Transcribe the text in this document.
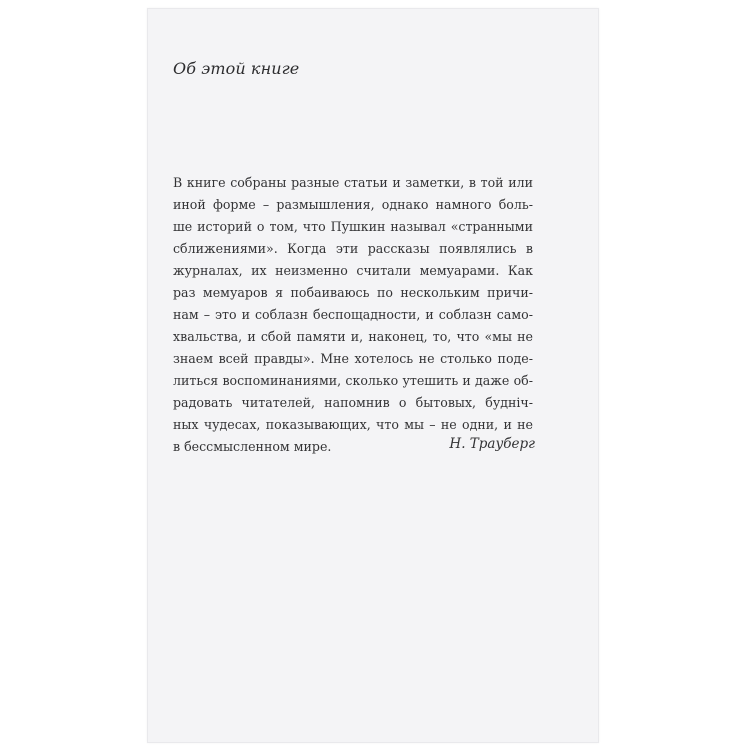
Об этой книге
В книге собраны разные статьи и заметки, в той или
иной форме – размышления, однако намного боль-
ше историй о том, что Пушкин называл «странными
сближениями». Когда эти рассказы появлялись в
журналах, их неизменно считали мемуарами. Как
раз мемуаров я побаиваюсь по нескольким причи-
нам – это и соблазн беспощадности, и соблазн само-
хвальства, и сбой памяти и, наконец, то, что «мы не
знаем всей правды». Мне хотелось не столько поде-
литься воспоминаниями, сколько утешить и даже об-
радовать читателей, напомнив о бытовых, будніч-
ных чудесах, показывающих, что мы – не одни, и не
в бессмысленном мире.	Н. Трауберг
